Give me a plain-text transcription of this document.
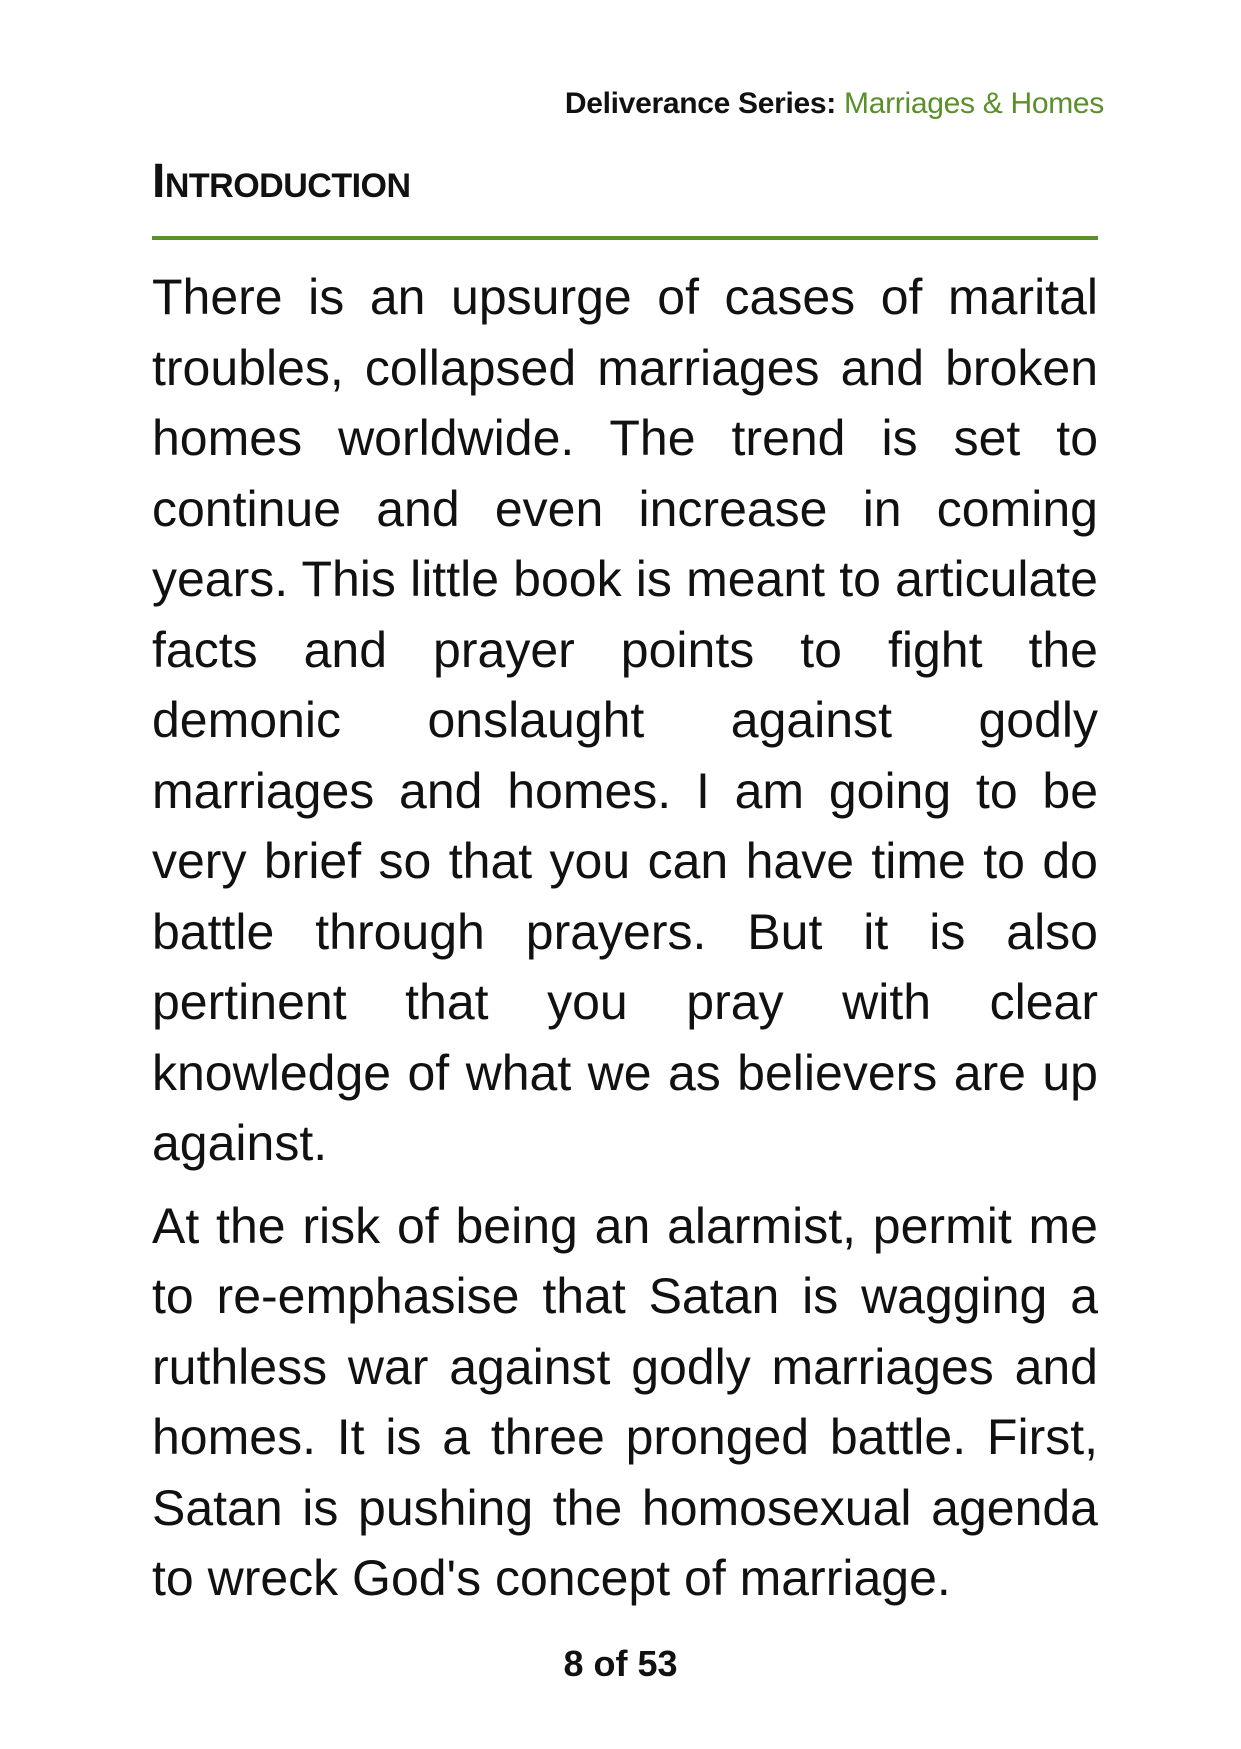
Deliverance Series: Marriages & Homes
Introduction

There is an upsurge of cases of marital troubles, collapsed marriages and broken homes worldwide. The trend is set to continue and even increase in coming years. This little book is meant to articulate facts and prayer points to fight the demonic onslaught against godly marriages and homes. I am going to be very brief so that you can have time to do battle through prayers. But it is also pertinent that you pray with clear knowledge of what we as believers are up against.

At the risk of being an alarmist, permit me to re-emphasise that Satan is wagging a ruthless war against godly marriages and homes. It is a three pronged battle. First, Satan is pushing the homosexual agenda to wreck God's concept of marriage.

8 of 53
